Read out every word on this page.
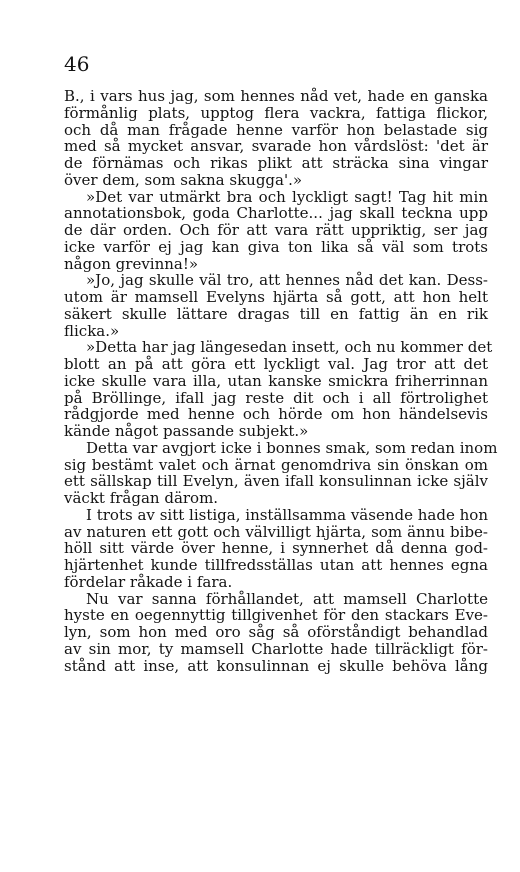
46
B., i vars hus jag, som hennes nåd vet, hade en ganska
förmånlig plats, upptog flera vackra, fattiga flickor,
och då man frågade henne varför hon belastade sig
med så mycket ansvar, svarade hon vårdslöst: 'det är
de förnämas och rikas plikt att sträcka sina vingar
över dem, som sakna skugga'.»
»Det var utmärkt bra och lyckligt sagt! Tag hit min
annotationsbok, goda Charlotte... jag skall teckna upp
de där orden. Och för att vara rätt uppriktig, ser jag
icke varför ej jag kan giva ton lika så väl som trots
någon grevinna!»
»Jo, jag skulle väl tro, att hennes nåd det kan. Dess-
utom är mamsell Evelyns hjärta så gott, att hon helt
säkert skulle lättare dragas till en fattig än en rik
flicka.»
»Detta har jag längesedan insett, och nu kommer det
blott an på att göra ett lyckligt val. Jag tror att det
icke skulle vara illa, utan kanske smickra friherrinnan
på Bröllinge, ifall jag reste dit och i all förtrolighet
rådgjorde med henne och hörde om hon händelsevis
kände något passande subjekt.»
Detta var avgjort icke i bonnes smak, som redan inom
sig bestämt valet och ärnat genomdriva sin önskan om
ett sällskap till Evelyn, även ifall konsulinnan icke själv
väckt frågan därom.
I trots av sitt listiga, inställsamma väsende hade hon
av naturen ett gott och välvilligt hjärta, som ännu bibe-
höll sitt värde över henne, i synnerhet då denna god-
hjärtenhet kunde tillfredsställas utan att hennes egna
fördelar råkade i fara.
Nu var sanna förhållandet, att mamsell Charlotte
hyste en oegennyttig tillgivenhet för den stackars Eve-
lyn, som hon med oro såg så oförståndigt behandlad
av sin mor, ty mamsell Charlotte hade tillräckligt för-
stånd att inse, att konsulinnan ej skulle behöva lång
